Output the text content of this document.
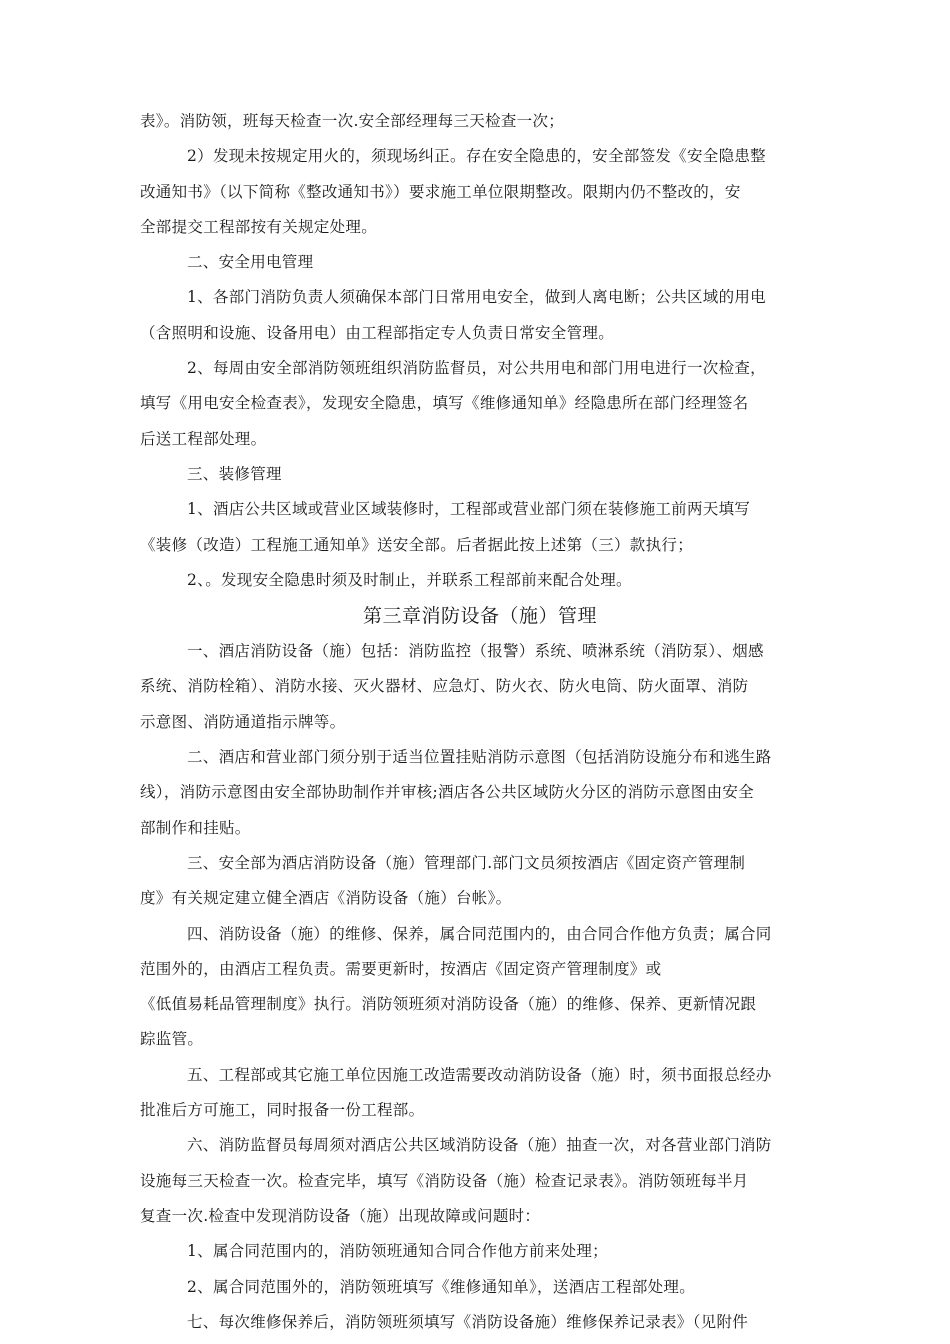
表》。消防领，班每天检查一次.安全部经理每三天检查一次；
2）发现未按规定用火的，须现场纠正。存在安全隐患的，安全部签发《安全隐患整
改通知书》（以下简称《整改通知书》）要求施工单位限期整改。限期内仍不整改的，安
全部提交工程部按有关规定处理。
二、安全用电管理
1、各部门消防负责人须确保本部门日常用电安全，做到人离电断；公共区域的用电
（含照明和设施、设备用电）由工程部指定专人负责日常安全管理。
2、每周由安全部消防领班组织消防监督员，对公共用电和部门用电进行一次检查，
填写《用电安全检查表》，发现安全隐患，填写《维修通知单》经隐患所在部门经理签名
后送工程部处理。
三、装修管理
1、酒店公共区域或营业区域装修时，工程部或营业部门须在装修施工前两天填写
《装修（改造）工程施工通知单》送安全部。后者据此按上述第（三）款执行；
2、。发现安全隐患时须及时制止，并联系工程部前来配合处理。
第三章消防设备（施）管理
一、酒店消防设备（施）包括：消防监控（报警）系统、喷淋系统（消防泵）、烟感
系统、消防栓箱）、消防水接、灭火器材、应急灯、防火衣、防火电筒、防火面罩、消防
示意图、消防通道指示牌等。
二、酒店和营业部门须分别于适当位置挂贴消防示意图（包括消防设施分布和逃生路
线），消防示意图由安全部协助制作并审核;酒店各公共区域防火分区的消防示意图由安全
部制作和挂贴。
三、安全部为酒店消防设备（施）管理部门.部门文员须按酒店《固定资产管理制
度》有关规定建立健全酒店《消防设备（施）台帐》。
四、消防设备（施）的维修、保养，属合同范围内的，由合同合作他方负责；属合同
范围外的，由酒店工程负责。需要更新时，按酒店《固定资产管理制度》或
《低值易耗品管理制度》执行。消防领班须对消防设备（施）的维修、保养、更新情况跟
踪监管。
五、工程部或其它施工单位因施工改造需要改动消防设备（施）时，须书面报总经办
批准后方可施工，同时报备一份工程部。
六、消防监督员每周须对酒店公共区域消防设备（施）抽查一次，对各营业部门消防
设施每三天检查一次。检查完毕，填写《消防设备（施）检查记录表》。消防领班每半月
复查一次.检查中发现消防设备（施）出现故障或问题时：
1、属合同范围内的，消防领班通知合同合作他方前来处理；
2、属合同范围外的，消防领班填写《维修通知单》，送酒店工程部处理。
七、每次维修保养后，消防领班须填写《消防设备施）维修保养记录表》（见附件
